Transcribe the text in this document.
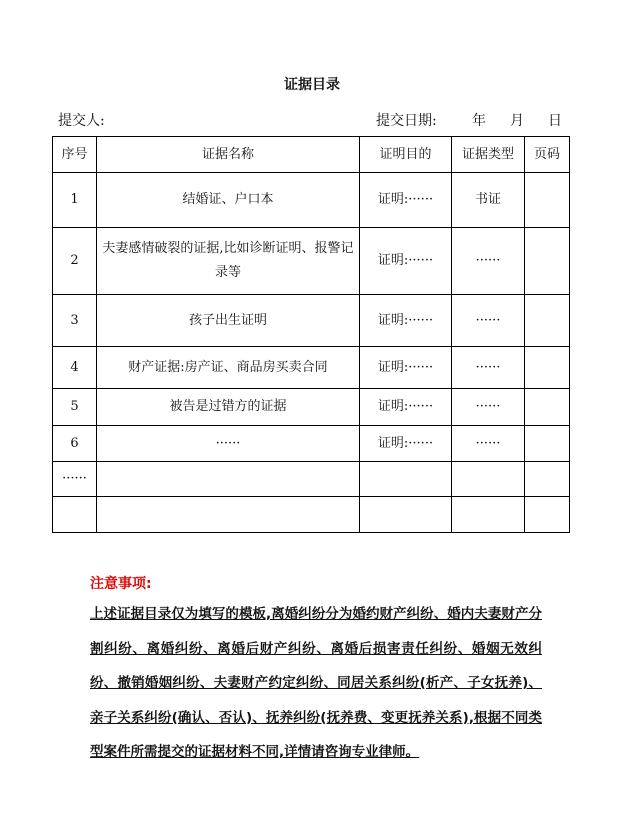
证据目录
提交人:	提交日期:	年 月 日
序号	证据名称	证明目的	证据类型	页码
1	结婚证、户口本	证明:······	书证	
2	夫妻感情破裂的证据,比如诊断证明、报警记录等	证明:······	······	
3	孩子出生证明	证明:······	······	
4	财产证据:房产证、商品房买卖合同	证明:······	······	
5	被告是过错方的证据	证明:······	······	
6	······	证明:······	······	
······				

注意事项:
上述证据目录仅为填写的模板,离婚纠纷分为婚约财产纠纷、婚内夫妻财产分割纠纷、离婚纠纷、离婚后财产纠纷、离婚后损害责任纠纷、婚姻无效纠纷、撤销婚姻纠纷、夫妻财产约定纠纷、同居关系纠纷(析产、子女抚养)、亲子关系纠纷(确认、否认)、抚养纠纷(抚养费、变更抚养关系),根据不同类型案件所需提交的证据材料不同,详情请咨询专业律师。
